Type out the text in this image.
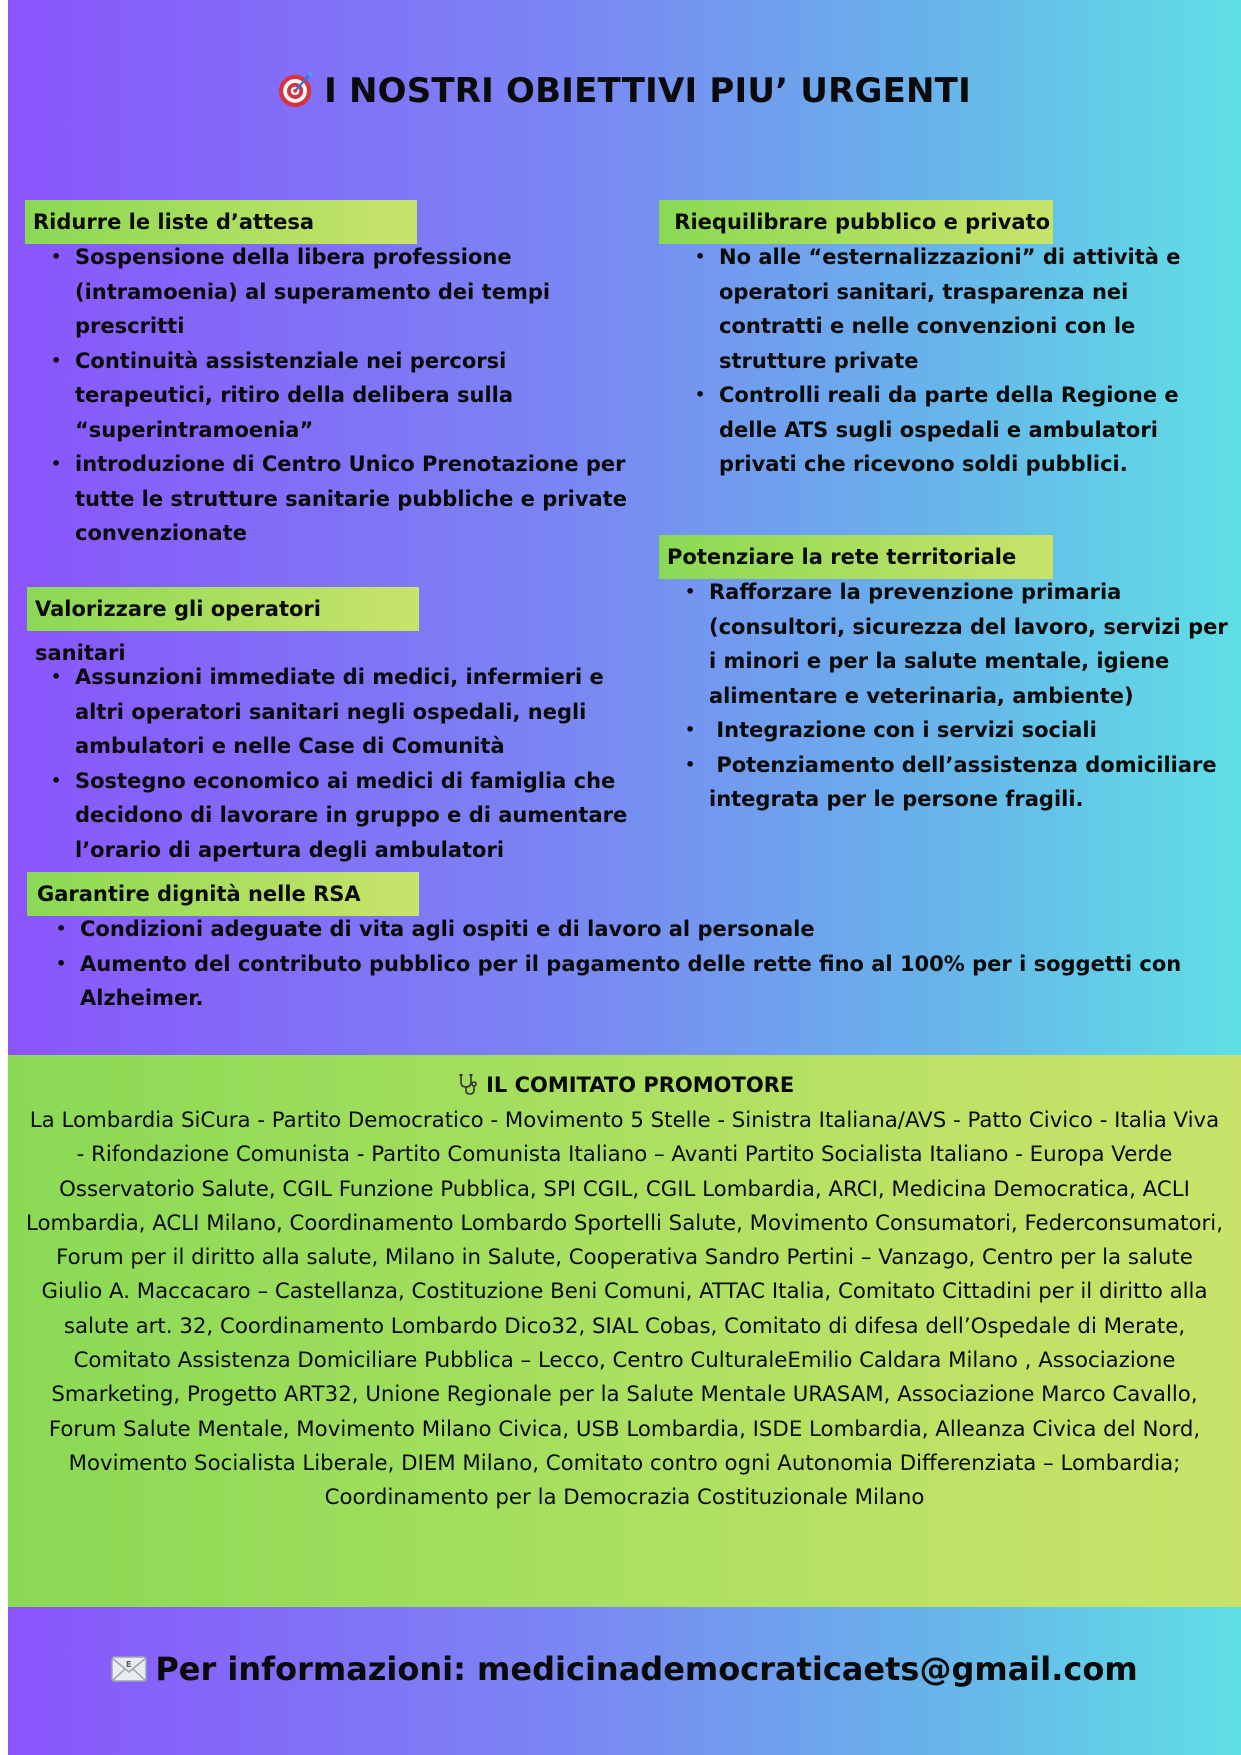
I NOSTRI OBIETTIVI PIU’ URGENTI
Ridurre le liste d’attesa
• Sospensione della libera professione (intramoenia) al superamento dei tempi prescritti
• Continuità assistenziale nei percorsi terapeutici, ritiro della delibera sulla “superintramoenia”
• introduzione di Centro Unico Prenotazione per tutte le strutture sanitarie pubbliche e private convenzionate
Riequilibrare pubblico e privato
• No alle “esternalizzazioni” di attività e operatori sanitari, trasparenza nei contratti e nelle convenzioni con le strutture private
• Controlli reali da parte della Regione e delle ATS sugli ospedali e ambulatori privati che ricevono soldi pubblici.
Valorizzare gli operatori sanitari
• Assunzioni immediate di medici, infermieri e altri operatori sanitari negli ospedali, negli ambulatori e nelle Case di Comunità
• Sostegno economico ai medici di famiglia che decidono di lavorare in gruppo e di aumentare l’orario di apertura degli ambulatori
Potenziare la rete territoriale
• Rafforzare la prevenzione primaria (consultori, sicurezza del lavoro, servizi per i minori e per la salute mentale, igiene alimentare e veterinaria, ambiente)
• Integrazione con i servizi sociali
• Potenziamento dell’assistenza domiciliare integrata per le persone fragili.
Garantire dignità nelle RSA
• Condizioni adeguate di vita agli ospiti e di lavoro al personale
• Aumento del contributo pubblico per il pagamento delle rette fino al 100% per i soggetti con Alzheimer.
IL COMITATO PROMOTORE
La Lombardia SiCura - Partito Democratico - Movimento 5 Stelle - Sinistra Italiana/AVS - Patto Civico - Italia Viva - Rifondazione Comunista - Partito Comunista Italiano – Avanti Partito Socialista Italiano - Europa Verde
Osservatorio Salute, CGIL Funzione Pubblica, SPI CGIL, CGIL Lombardia, ARCI, Medicina Democratica, ACLI Lombardia, ACLI Milano, Coordinamento Lombardo Sportelli Salute, Movimento Consumatori, Federconsumatori, Forum per il diritto alla salute, Milano in Salute, Cooperativa Sandro Pertini – Vanzago, Centro per la salute Giulio A. Maccacaro – Castellanza, Costituzione Beni Comuni, ATTAC Italia, Comitato Cittadini per il diritto alla salute art. 32, Coordinamento Lombardo Dico32, SIAL Cobas, Comitato di difesa dell’Ospedale di Merate, Comitato Assistenza Domiciliare Pubblica – Lecco, Centro CulturaleEmilio Caldara Milano , Associazione Smarketing, Progetto ART32, Unione Regionale per la Salute Mentale URASAM, Associazione Marco Cavallo, Forum Salute Mentale, Movimento Milano Civica, USB Lombardia, ISDE Lombardia, Alleanza Civica del Nord, Movimento Socialista Liberale, DIEM Milano, Comitato contro ogni Autonomia Differenziata – Lombardia; Coordinamento per la Democrazia Costituzionale Milano
E Per informazioni: medicinademocraticaets@gmail.com
